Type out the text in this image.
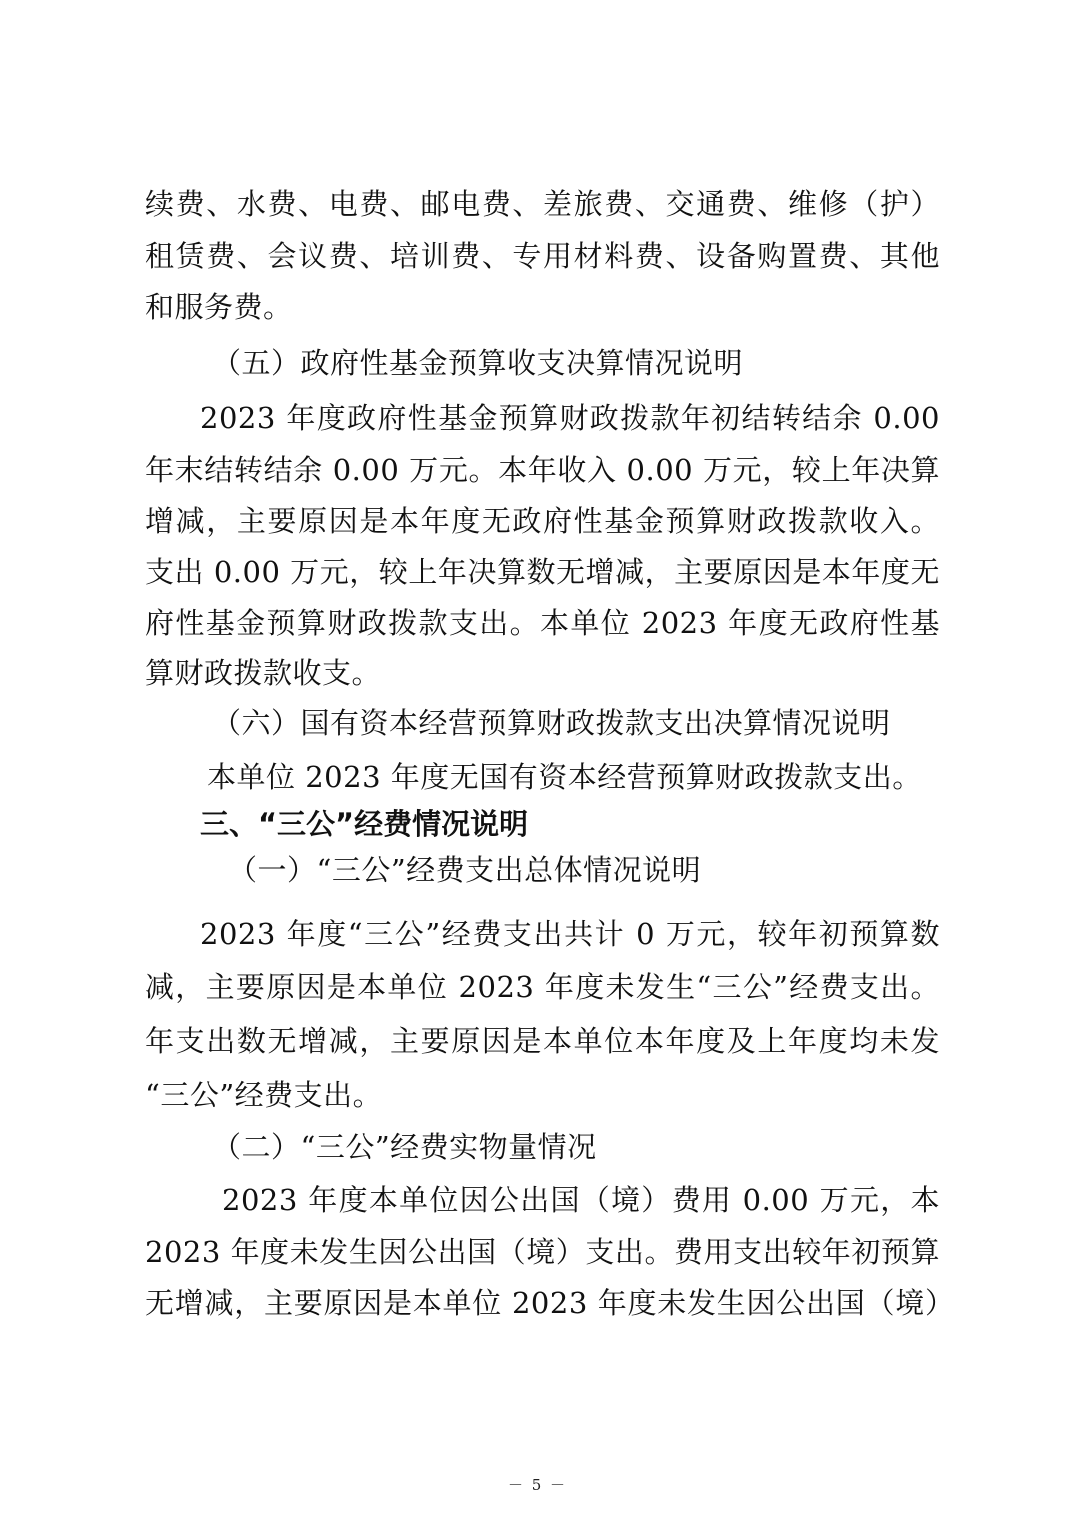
续费、水费、电费、邮电费、差旅费、交通费、维修（护）
租赁费、会议费、培训费、专用材料费、设备购置费、其他
和服务费。
（五）政府性基金预算收支决算情况说明
2023 年度政府性基金预算财政拨款年初结转结余 0.00
年末结转结余 0.00 万元。本年收入 0.00 万元，较上年决算
增减，主要原因是本年度无政府性基金预算财政拨款收入。
支出 0.00 万元，较上年决算数无增减，主要原因是本年度无
府性基金预算财政拨款支出。本单位 2023 年度无政府性基
算财政拨款收支。
（六）国有资本经营预算财政拨款支出决算情况说明
本单位 2023 年度无国有资本经营预算财政拨款支出。
三、“三公”经费情况说明
（一）“三公”经费支出总体情况说明
2023 年度“三公”经费支出共计 0 万元，较年初预算数
减，主要原因是本单位 2023 年度未发生“三公”经费支出。
年支出数无增减，主要原因是本单位本年度及上年度均未发
“三公”经费支出。
（二）“三公”经费实物量情况
2023 年度本单位因公出国（境）费用 0.00 万元，本
2023 年度未发生因公出国（境）支出。费用支出较年初预算
无增减，主要原因是本单位 2023 年度未发生因公出国（境）
－ 5 －
